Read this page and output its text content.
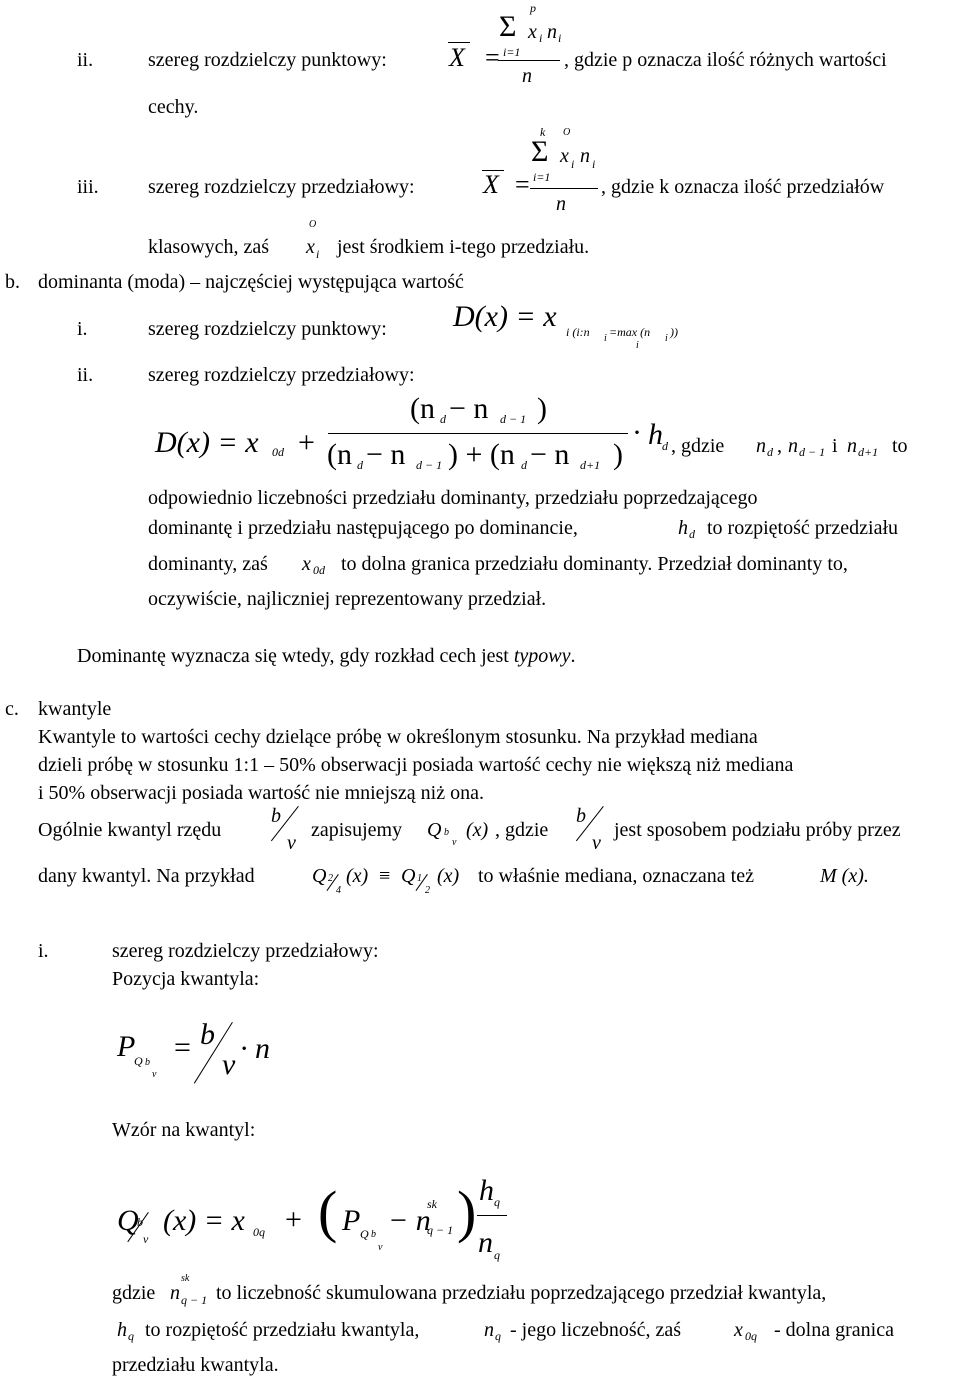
ii.	szereg rozdzielczy punktowy: X =
p
Σ
i=1
x i n i
n
, gdzie p oznacza ilość różnych wartości
cechy.
iii. szereg rozdzielczy przedziałowy:	X =
k
Σ
i=1
O
x i n i
n
, gdzie k oznacza ilość przedziałów
klasowych, zaś
O
x i jest środkiem i-tego przedziału.
b. dominanta (moda) – najczęściej występująca wartość
i.	szereg rozdzielczy punktowy: D(x) = x i (i:n i =max (n i ))
i
ii.	szereg rozdzielczy przedziałowy:
D(x) = x 0d +
(n d − n d − 1 )
(n d − n d − 1 ) + (n d − n d+1 )
· h d , gdzie n d , n d − 1 i n d+1 to
odpowiednio liczebności przedziału dominanty, przedziału poprzedzającego
dominantę i przedziału następującego po dominancie,	h d to rozpiętość przedziału
dominanty, zaś x 0d to dolna granica przedziału dominanty. Przedział dominanty to,
oczywiście, najliczniej reprezentowany przedział.
Dominantę wyznacza się wtedy, gdy rozkład cech jest typowy.
c. kwantyle
Kwantyle to wartości cechy dzielące próbę w określonym stosunku. Na przykład mediana
dzieli próbę w stosunku 1:1 – 50% obserwacji posiada wartość cechy nie większą niż mediana
i 50% obserwacji posiada wartość nie mniejszą niż ona.
Ogólnie kwantyl rzędu
b
v
zapisujemy Q b
v
(x) , gdzie
b
v
jest sposobem podziału próby przez
dany kwantyl. Na przykład	Q 2
4
(x) ≡ Q 1
2
(x) to właśnie mediana, oznaczana też	M (x).
i.	szereg rozdzielczy przedziałowy:
Pozycja kwantyla:
P
Q b
v
= b
v · n
Wzór na kwantyl:
Q
b
v
(x) = x 0q + ( P Q b
v
− n
sk
q − 1 ) h q
n q
gdzie n
sk
q − 1 to liczebność skumulowana przedziału poprzedzającego przedział kwantyla,
h q to rozpiętość przedziału kwantyla,	n q - jego liczebność, zaś	x 0q - dolna granica
przedziału kwantyla.
